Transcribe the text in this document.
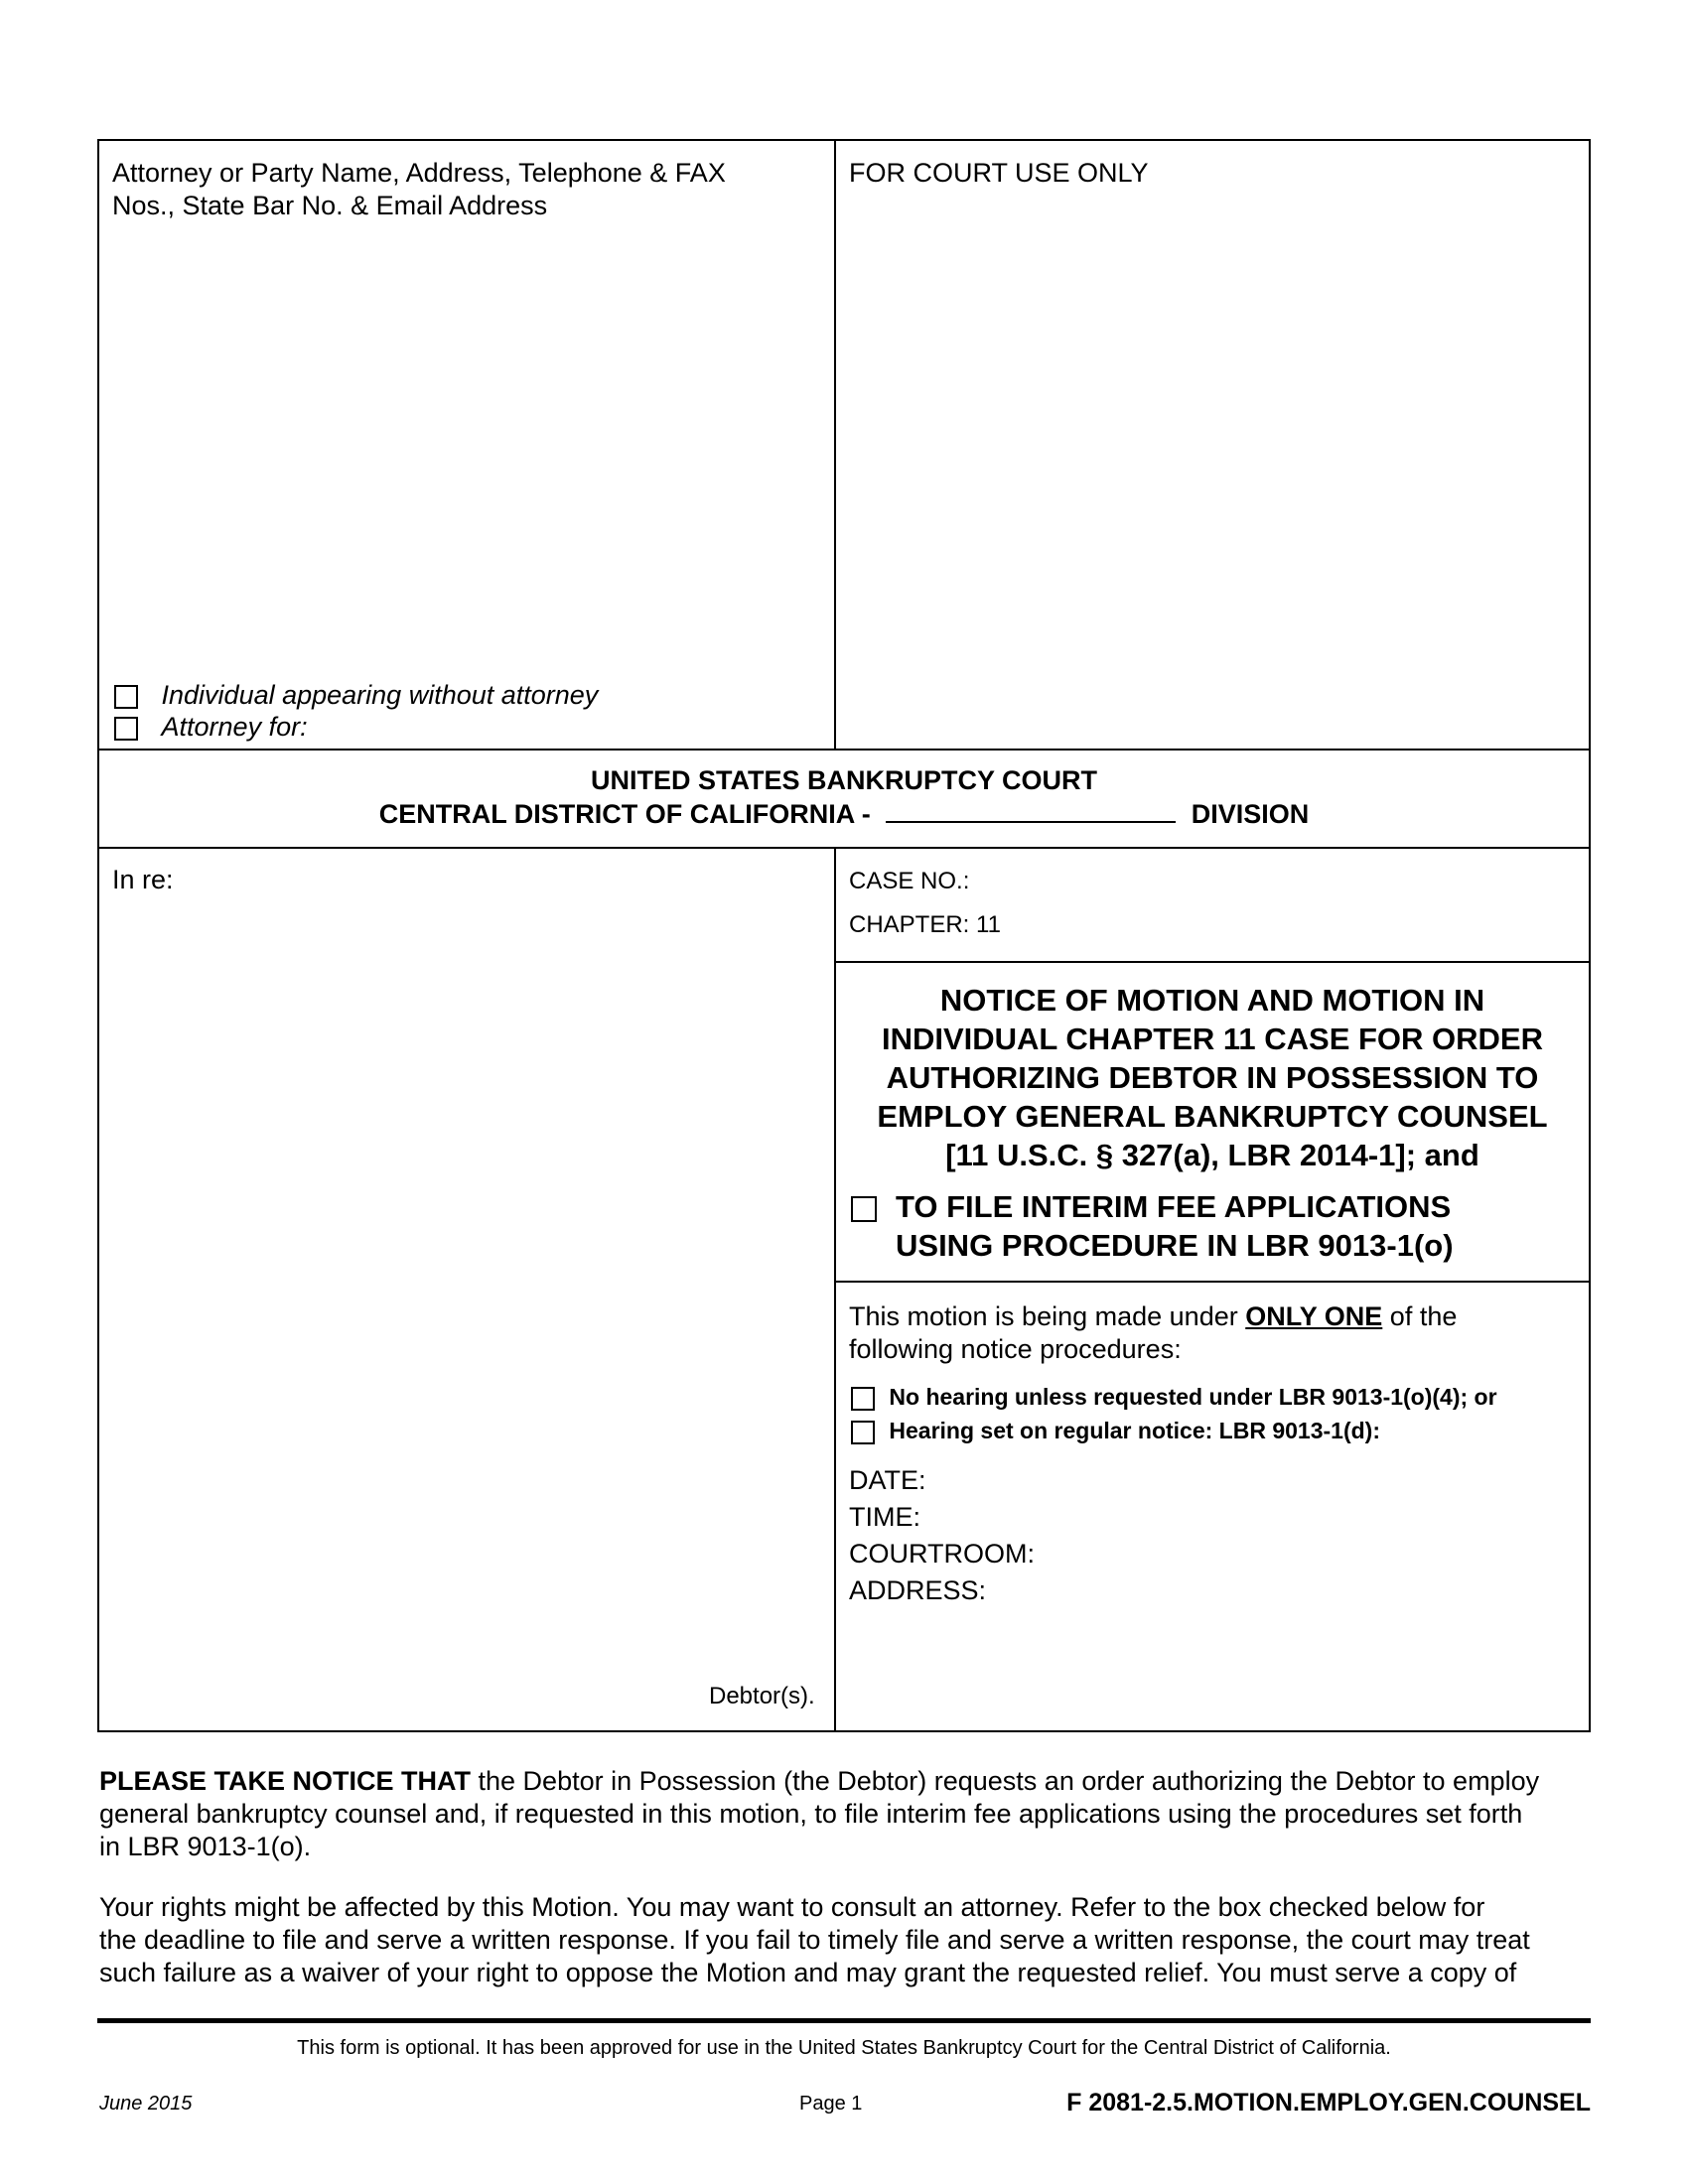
Attorney or Party Name, Address, Telephone & FAX
Nos., State Bar No. & Email Address
Individual appearing without attorney
Attorney for:
FOR COURT USE ONLY
UNITED STATES BANKRUPTCY COURT
CENTRAL DISTRICT OF CALIFORNIA -	DIVISION
In re:
Debtor(s).
CASE NO.:
CHAPTER: 11
NOTICE OF MOTION AND MOTION IN
INDIVIDUAL CHAPTER 11 CASE FOR ORDER
AUTHORIZING DEBTOR IN POSSESSION TO
EMPLOY GENERAL BANKRUPTCY COUNSEL
[11 U.S.C. § 327(a), LBR 2014-1]; and
TO FILE INTERIM FEE APPLICATIONS
USING PROCEDURE IN LBR 9013-1(o)
This motion is being made under ONLY ONE of the
following notice procedures:
No hearing unless requested under LBR 9013-1(o)(4); or
Hearing set on regular notice: LBR 9013-1(d):
DATE:
TIME:
COURTROOM:
ADDRESS:
PLEASE TAKE NOTICE THAT the Debtor in Possession (the Debtor) requests an order authorizing the Debtor to employ
general bankruptcy counsel and, if requested in this motion, to file interim fee applications using the procedures set forth
in LBR 9013-1(o).
Your rights might be affected by this Motion. You may want to consult an attorney. Refer to the box checked below for
the deadline to file and serve a written response. If you fail to timely file and serve a written response, the court may treat
such failure as a waiver of your right to oppose the Motion and may grant the requested relief. You must serve a copy of
This form is optional. It has been approved for use in the United States Bankruptcy Court for the Central District of California.
June 2015	Page 1	F 2081-2.5.MOTION.EMPLOY.GEN.COUNSEL
